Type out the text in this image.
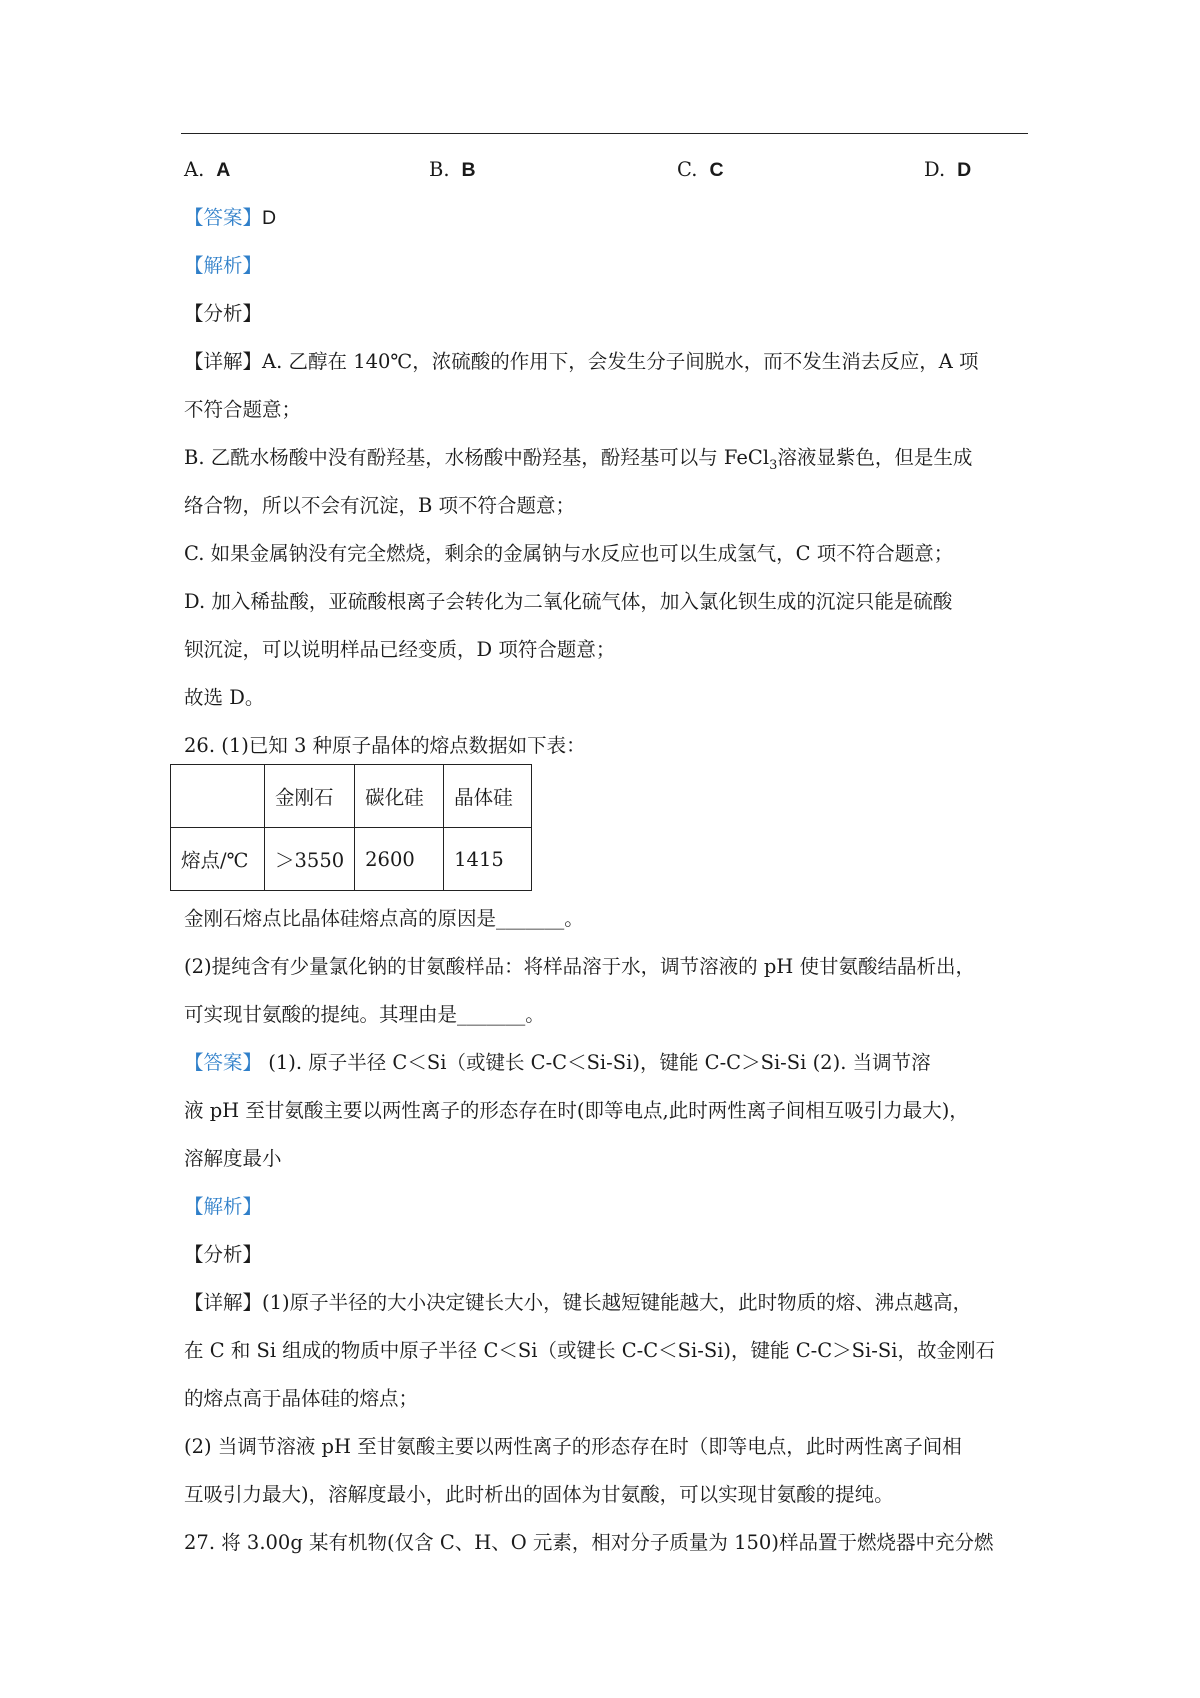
A. A	B. B	C. C	D. D
【答案】D
【解析】
【分析】
【详解】A. 乙醇在 140℃，浓硫酸的作用下，会发生分子间脱水，而不发生消去反应，A 项
不符合题意；
B. 乙酰水杨酸中没有酚羟基，水杨酸中酚羟基，酚羟基可以与 FeCl$_3$溶液显紫色，但是生成
络合物，所以不会有沉淀，B 项不符合题意；
C. 如果金属钠没有完全燃烧，剩余的金属钠与水反应也可以生成氢气，C 项不符合题意；
D. 加入稀盐酸，亚硫酸根离子会转化为二氧化硫气体，加入氯化钡生成的沉淀只能是硫酸
钡沉淀，可以说明样品已经变质，D 项符合题意；
故选 D。
26. (1)已知 3 种原子晶体的熔点数据如下表：
	金刚石	碳化硅	晶体硅
熔点/℃	＞3550	2600	1415
金刚石熔点比晶体硅熔点高的原因是_______。
(2)提纯含有少量氯化钠的甘氨酸样品：将样品溶于水，调节溶液的 pH 使甘氨酸结晶析出，
可实现甘氨酸的提纯。其理由是_______。
【答案】 (1). 原子半径 C＜Si（或键长 C-C＜Si-Si)，键能 C-C＞Si-Si (2). 当调节溶
液 pH 至甘氨酸主要以两性离子的形态存在时(即等电点,此时两性离子间相互吸引力最大)，
溶解度最小
【解析】
【分析】
【详解】(1)原子半径的大小决定键长大小，键长越短键能越大，此时物质的熔、沸点越高，
在 C 和 Si 组成的物质中原子半径 C＜Si（或键长 C-C＜Si-Si)，键能 C-C＞Si-Si，故金刚石
的熔点高于晶体硅的熔点；
(2) 当调节溶液 pH 至甘氨酸主要以两性离子的形态存在时（即等电点，此时两性离子间相
互吸引力最大)，溶解度最小，此时析出的固体为甘氨酸，可以实现甘氨酸的提纯。
27. 将 3.00g 某有机物(仅含 C、H、O 元素，相对分子质量为 150)样品置于燃烧器中充分燃
